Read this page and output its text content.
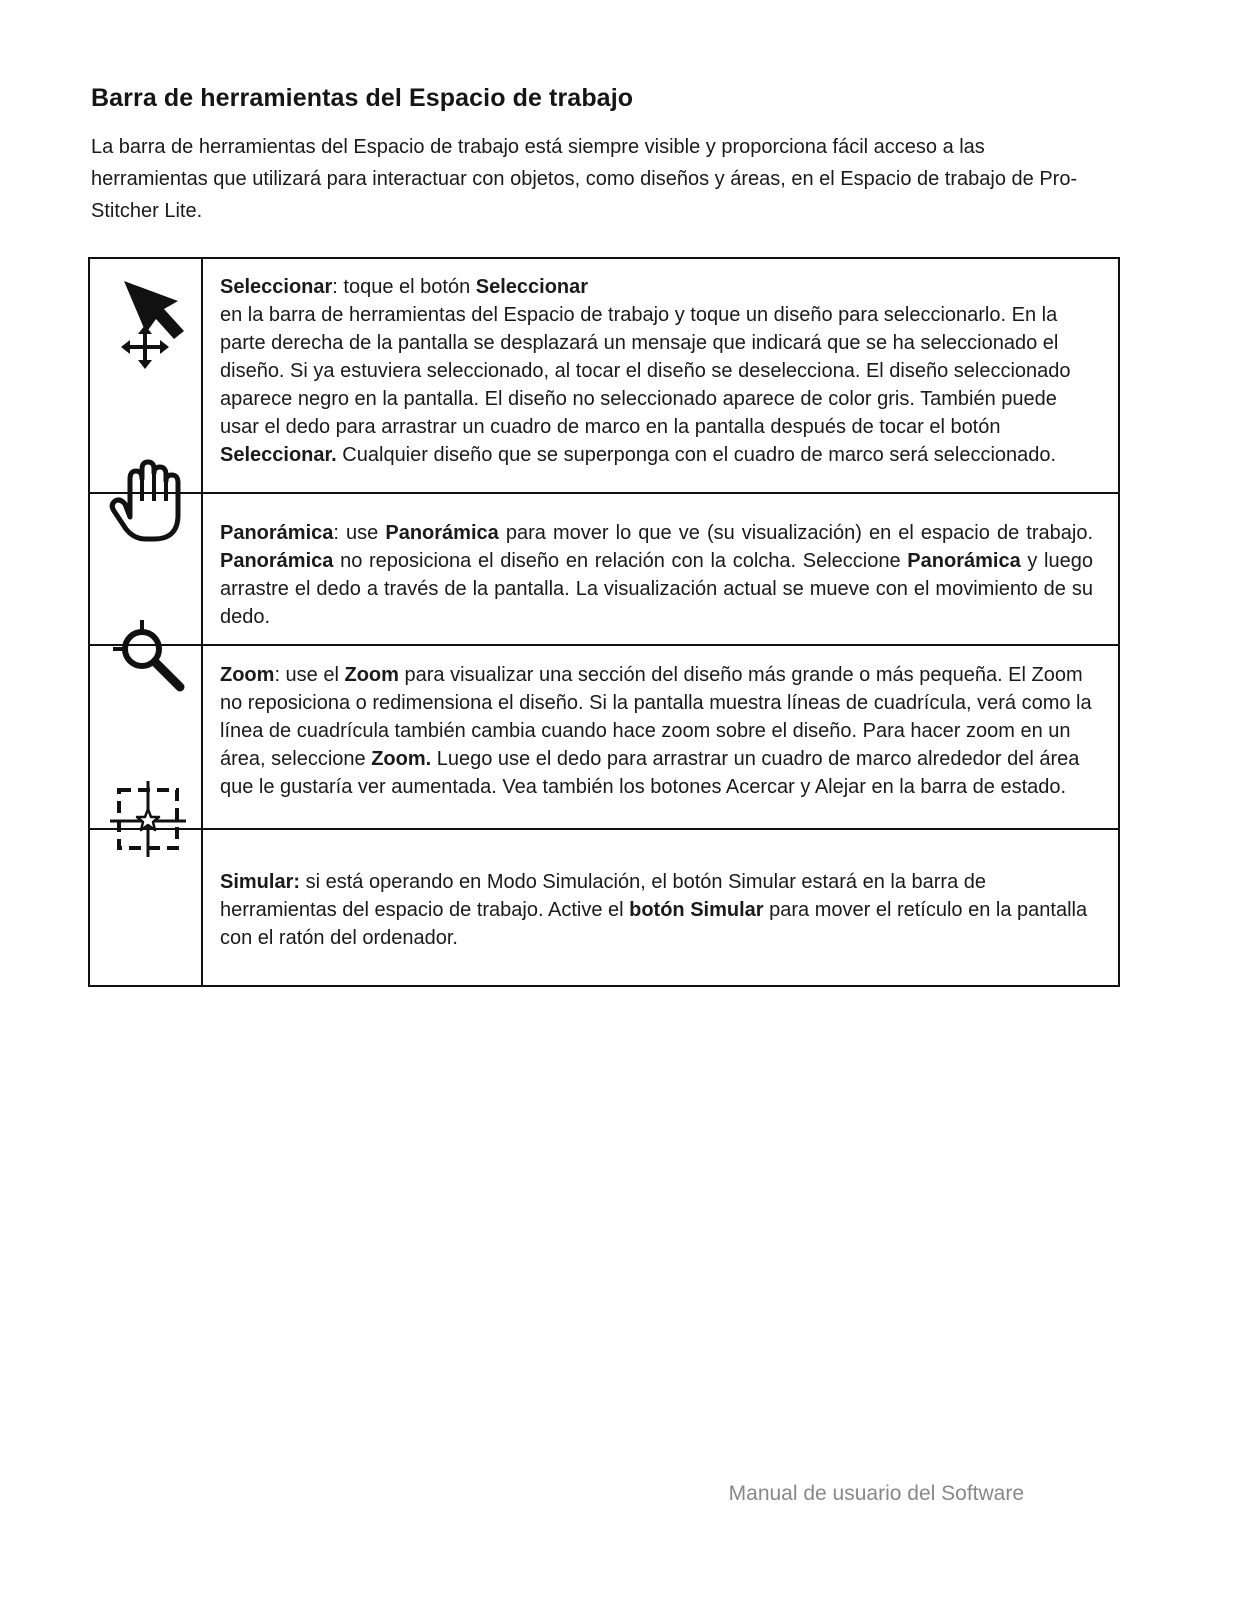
Barra de herramientas del Espacio de trabajo

La barra de herramientas del Espacio de trabajo está siempre visible y proporciona fácil acceso a las herramientas que utilizará para interactuar con objetos, como diseños y áreas, en el Espacio de trabajo de Pro-Stitcher Lite.

Seleccionar: toque el botón Seleccionar
en la barra de herramientas del Espacio de trabajo y toque un diseño para seleccionarlo. En la parte derecha de la pantalla se desplazará un mensaje que indicará que se ha seleccionado el diseño. Si ya estuviera seleccionado, al tocar el diseño se deselecciona. El diseño seleccionado aparece negro en la pantalla. El diseño no seleccionado aparece de color gris. También puede usar el dedo para arrastrar un cuadro de marco en la pantalla después de tocar el botón Seleccionar. Cualquier diseño que se superponga con el cuadro de marco será seleccionado.

Panorámica: use Panorámica para mover lo que ve (su visualización) en el espacio de trabajo. Panorámica no reposiciona el diseño en relación con la colcha. Seleccione Panorámica y luego arrastre el dedo a través de la pantalla. La visualización actual se mueve con el movimiento de su dedo.

Zoom: use el Zoom para visualizar una sección del diseño más grande o más pequeña. El Zoom no reposiciona o redimensiona el diseño. Si la pantalla muestra líneas de cuadrícula, verá como la línea de cuadrícula también cambia cuando hace zoom sobre el diseño. Para hacer zoom en un área, seleccione Zoom. Luego use el dedo para arrastrar un cuadro de marco alrededor del área que le gustaría ver aumentada. Vea también los botones Acercar y Alejar en la barra de estado.

Simular: si está operando en Modo Simulación, el botón Simular estará en la barra de herramientas del espacio de trabajo. Active el botón Simular para mover el retículo en la pantalla con el ratón del ordenador.

Manual de usuario del Software
